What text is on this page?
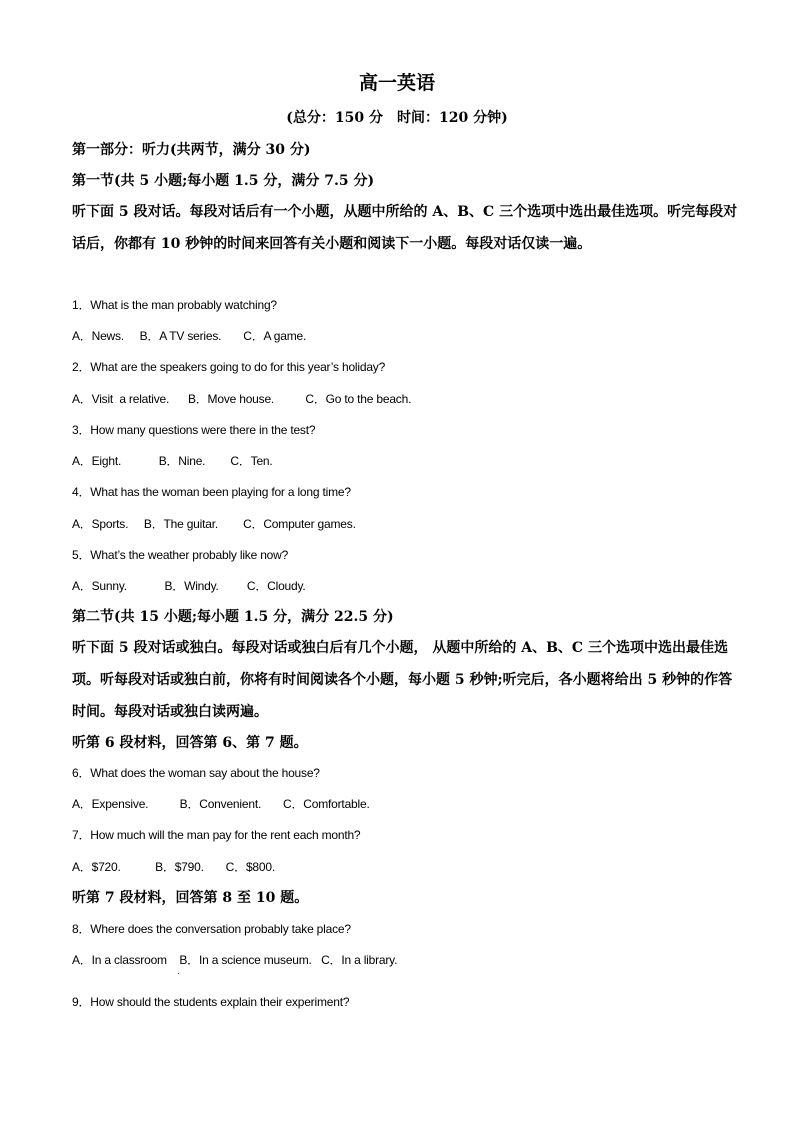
高一英语
(总分：150 分　时间：120 分钟)
第一部分：听力(共两节，满分 30 分)
第一节(共 5 小题;每小题 1.5 分，满分 7.5 分)
听下面 5 段对话。每段对话后有一个小题，从题中所给的 A、B、C 三个选项中选出最佳选项。听完每段对话后，你都有 10 秒钟的时间来回答有关小题和阅读下一小题。每段对话仅读一遍。
1．What is the man probably watching?
A．News.     B．A TV series.       C．A game.
2．What are the speakers going to do for this year’s holiday?
A．Visit  a relative.      B．Move house.          C．Go to the beach.
3．How many questions were there in the test?
A．Eight.            B．Nine.        C．Ten.
4．What has the woman been playing for a long time?
A．Sports.     B．The guitar.        C．Computer games.
5．What’s the weather probably like now?
A．Sunny.            B．Windy.         C．Cloudy.
第二节(共 15 小题;每小题 1.5 分，满分 22.5 分)
听下面 5 段对话或独白。每段对话或独白后有几个小题， 从题中所给的 A、B、C 三个选项中选出最佳选项。听每段对话或独白前，你将有时间阅读各个小题，每小题 5 秒钟;听完后，各小题将给出 5 秒钟的作答时间。每段对话或独白读两遍。
听第 6 段材料，回答第 6、第 7 题。
6．What does the woman say about the house?
A．Expensive.          B．Convenient.       C．Comfortable.
7．How much will the man pay for the rent each month?
A．$720.           B．$790.       C．$800.
听第 7 段材料，回答第 8 至 10 题。
8．Where does the conversation probably take place?
A．In a classroom    B．In a science museum.   C．In a library.
9．How should the students explain their experiment?
